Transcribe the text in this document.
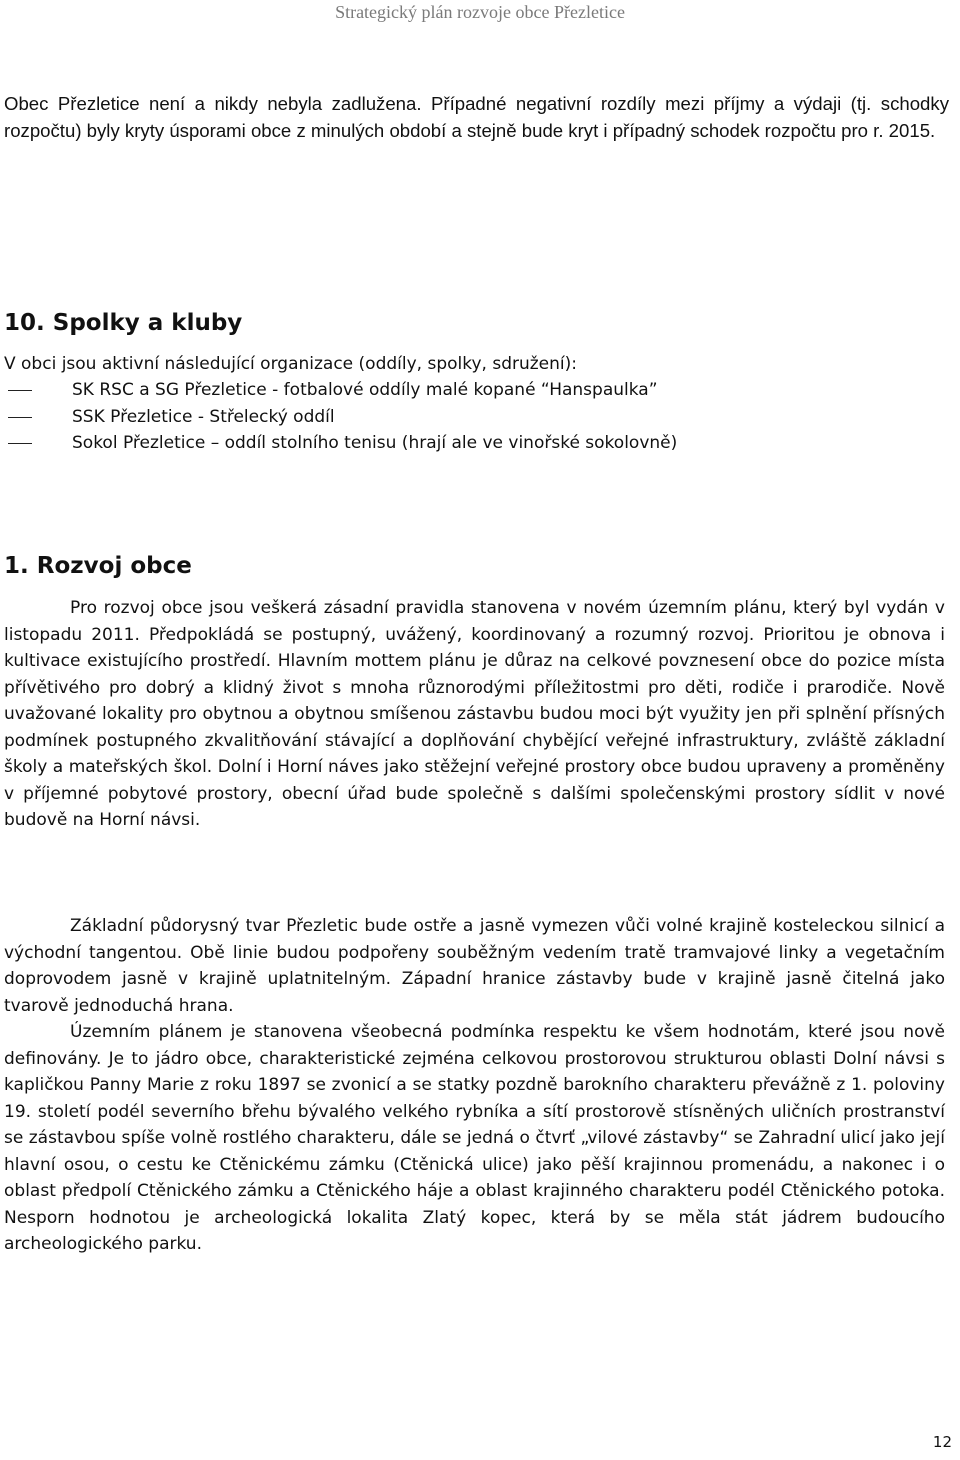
Strategický plán rozvoje obce Přezletice

Obec Přezletice není a nikdy nebyla zadlužena. Případné negativní rozdíly mezi příjmy a výdaji (tj. schodky rozpočtu) byly kryty úsporami obce z minulých období a stejně bude kryt i případný schodek rozpočtu pro r. 2015.

10. Spolky a kluby

V obci jsou aktivní následující organizace (oddíly, spolky, sdružení):

SK RSC a SG Přezletice - fotbalové oddíly malé kopané “Hanspaulka”
SSK Přezletice - Střelecký oddíl
Sokol Přezletice – oddíl stolního tenisu (hrají ale ve vinořské sokolovně)
1. Rozvoj obce

Pro rozvoj obce jsou veškerá zásadní pravidla stanovena v novém územním plánu, který byl vydán v listopadu 2011. Předpokládá se postupný, uvážený, koordinovaný a rozumný rozvoj. Prioritou je obnova i kultivace existujícího prostředí. Hlavním mottem plánu je důraz na celkové povznesení obce do pozice místa přívětivého pro dobrý a klidný život s mnoha různorodými příležitostmi pro děti, rodiče i prarodiče. Nově uvažované lokality pro obytnou a obytnou smíšenou zástavbu budou moci být využity jen při splnění přísných podmínek postupného zkvalitňování stávající a doplňování chybějící veřejné infrastruktury, zvláště základní školy a mateřských škol. Dolní i Horní náves jako stěžejní veřejné prostory obce budou upraveny a proměněny v příjemné pobytové prostory, obecní úřad bude společně s dalšími společenskými prostory sídlit v nové budově na Horní návsi.

Základní půdorysný tvar Přezletic bude ostře a jasně vymezen vůči volné krajině kosteleckou silnicí a východní tangentou. Obě linie budou podpořeny souběžným vedením tratě tramvajové linky a vegetačním doprovodem jasně v krajině uplatnitelným. Západní hranice zástavby bude v krajině jasně čitelná jako tvarově jednoduchá hrana.

Územním plánem je stanovena všeobecná podmínka respektu ke všem hodnotám, které jsou nově definovány. Je to jádro obce, charakteristické zejména celkovou prostorovou strukturou oblasti Dolní návsi s kapličkou Panny Marie z roku 1897 se zvonicí a se statky pozdně barokního charakteru převážně z 1. poloviny 19. století podél severního břehu bývalého velkého rybníka a sítí prostorově stísněných uličních prostranství se zástavbou spíše volně rostlého charakteru, dále se jedná o čtvrť „vilové zástavby“ se Zahradní ulicí jako její hlavní osou, o cestu ke Ctěnickému zámku (Ctěnická ulice) jako pěší krajinnou promenádu, a nakonec i o oblast předpolí Ctěnického zámku a Ctěnického háje a oblast krajinného charakteru podél Ctěnického potoka. Nesporn hodnotou je archeologická lokalita Zlatý kopec, která by se měla stát jádrem budoucího archeologického parku.

12
